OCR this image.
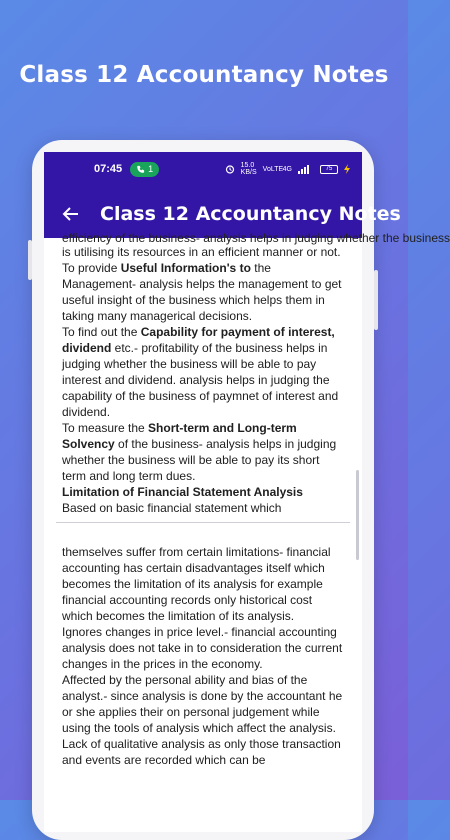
Class 12 Accountancy Notes
07:45	1	15.0 KB/S VoLTE 4G	75
Class 12 Accountancy Notes

efficiency of the business- analysis helps in judging whether the business

is utilising its resources in an efficient manner or not.

To provide Useful Information's to the Management- analysis helps the management to get useful insight of the business which helps them in taking many managerical decisions.

To find out the Capability for payment of interest, dividend etc.- profitability of the business helps in judging whether the business will be able to pay interest and dividend. analysis helps in judging the capability of the business of paymnet of interest and dividend.

To measure the Short-term and Long-term Solvency of the business- analysis helps in judging whether the business will be able to pay its short term and long term dues.

Limitation of Financial Statement Analysis

Based on basic financial statement which

themselves suffer from certain limitations- financial accounting has certain disadvantages itself which becomes the limitation of its analysis for example financial accounting records only historical cost which becomes the limitation of its analysis.

Ignores changes in price level.- financial accounting analysis does not take in to consideration the current changes in the prices in the economy.

Affected by the personal ability and bias of the analyst.- since analysis is done by the accountant he or she applies their on personal judgement while using the tools of analysis which affect the analysis.

Lack of qualitative analysis as only those transaction and events are recorded which can be
